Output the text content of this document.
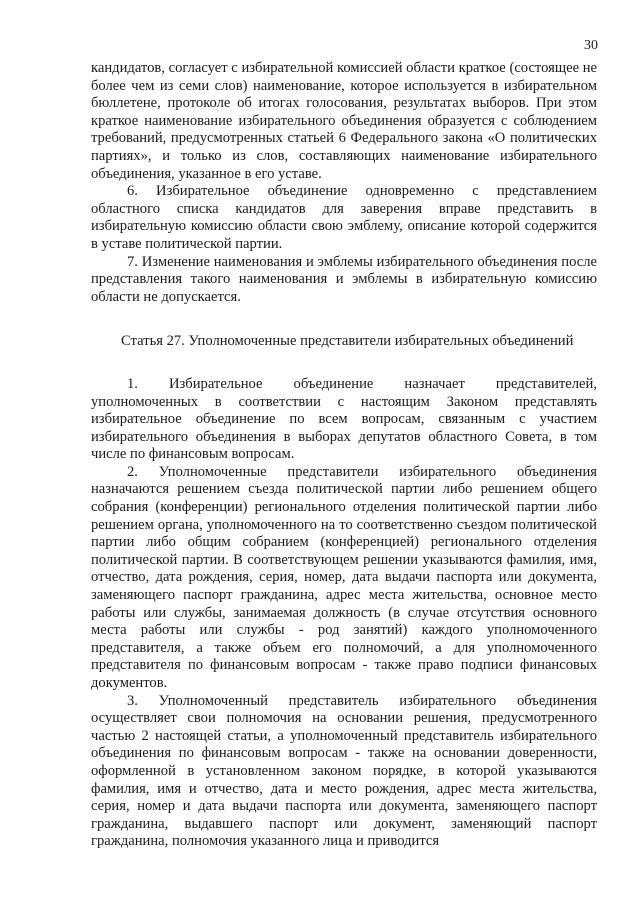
30

кандидатов, согласует с избирательной комиссией области краткое (состоящее не более чем из семи слов) наименование, которое используется в избирательном бюллетене, протоколе об итогах голосования, результатах выборов. При этом краткое наименование избирательного объединения образуется с соблюдением требований, предусмотренных статьей 6 Федерального закона «О политических партиях», и только из слов, составляющих наименование избирательного объединения, указанное в его уставе.

6. Избирательное объединение одновременно с представлением областного списка кандидатов для заверения вправе представить в избирательную комиссию области свою эмблему, описание которой содержится в уставе политической партии.

7. Изменение наименования и эмблемы избирательного объединения после представления такого наименования и эмблемы в избирательную комиссию области не допускается.

Статья 27. Уполномоченные представители избирательных объединений

1. Избирательное объединение назначает представителей, уполномоченных в соответствии с настоящим Законом представлять избирательное объединение по всем вопросам, связанным с участием избирательного объединения в выборах депутатов областного Совета, в том числе по финансовым вопросам.

2. Уполномоченные представители избирательного объединения назначаются решением съезда политической партии либо решением общего собрания (конференции) регионального отделения политической партии либо решением органа, уполномоченного на то соответственно съездом политической партии либо общим собранием (конференцией) регионального отделения политической партии. В соответствующем решении указываются фамилия, имя, отчество, дата рождения, серия, номер, дата выдачи паспорта или документа, заменяющего паспорт гражданина, адрес места жительства, основное место работы или службы, занимаемая должность (в случае отсутствия основного места работы или службы - род занятий) каждого уполномоченного представителя, а также объем его полномочий, а для уполномоченного представителя по финансовым вопросам - также право подписи финансовых документов.

3. Уполномоченный представитель избирательного объединения осуществляет свои полномочия на основании решения, предусмотренного частью 2 настоящей статьи, а уполномоченный представитель избирательного объединения по финансовым вопросам - также на основании доверенности, оформленной в установленном законом порядке, в которой указываются фамилия, имя и отчество, дата и место рождения, адрес места жительства, серия, номер и дата выдачи паспорта или документа, заменяющего паспорт гражданина, выдавшего паспорт или документ, заменяющий паспорт гражданина, полномочия указанного лица и приводится
